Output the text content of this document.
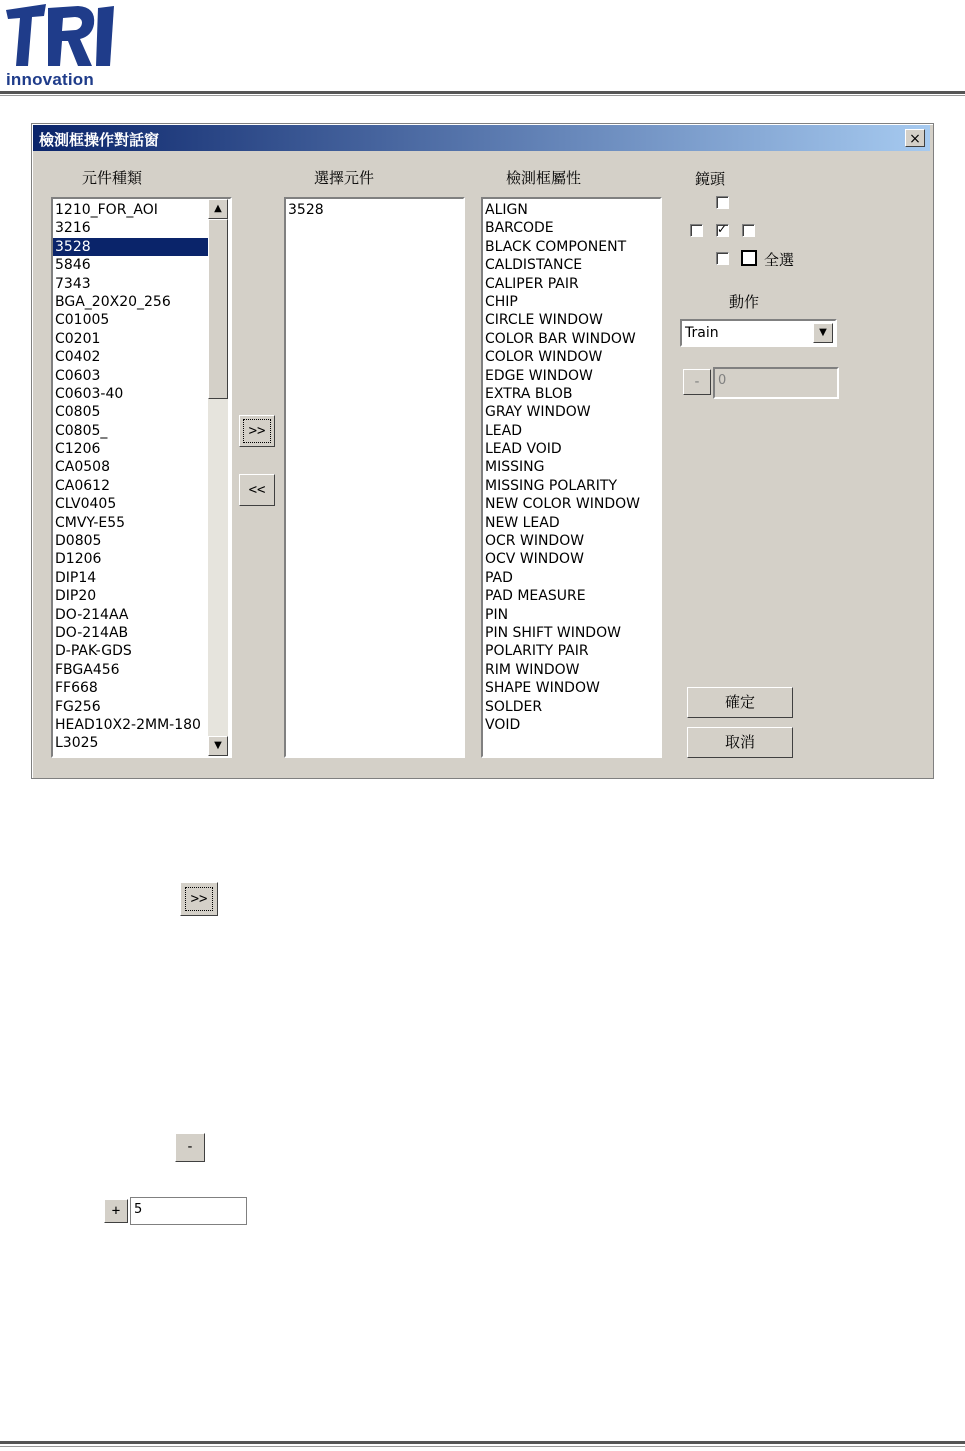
innovation
檢測框操作對話窗	×
元件種類	選擇元件	檢測框屬性	鏡頭
1210_FOR_AOI
3216
3528
5846
7343
BGA_20X20_256
C01005
C0201
C0402
C0603
C0603-40
C0805
C0805_
C1206
CA0508
CA0612
CLV0405
CMVY-E55
D0805
D1206
DIP14
DIP20
DO-214AA
DO-214AB
D-PAK-GDS
FBGA456
FF668
FG256
HEAD10X2-2MM-180
L3025
▲
▼
>>
<<
3528	ALIGN
BARCODE
BLACK COMPONENT
CALDISTANCE
CALIPER PAIR
CHIP
CIRCLE WINDOW
COLOR BAR WINDOW
COLOR WINDOW
EDGE WINDOW
EXTRA BLOB
GRAY WINDOW
LEAD
LEAD VOID
MISSING
MISSING POLARITY
NEW COLOR WINDOW
NEW LEAD
OCR WINDOW
OCV WINDOW
PAD
PAD MEASURE
PIN
PIN SHIFT WINDOW
POLARITY PAIR
RIM WINDOW
SHAPE WINDOW
SOLDER
VOID
✓
全選
動作
Train	▼
-	0
確定
取消
>>
-
+	5
